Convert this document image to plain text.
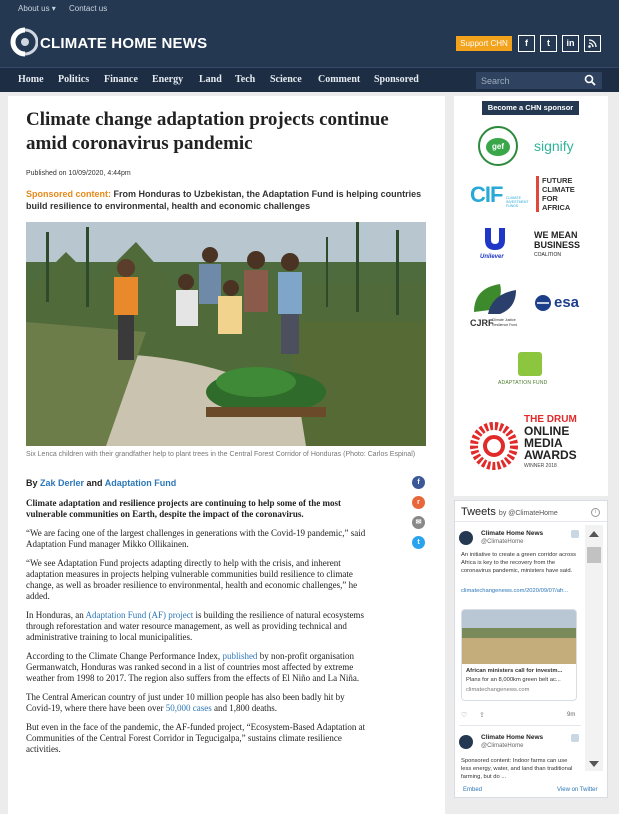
About us ▾ Contact us
CLIMATE HOME NEWS	Support CHN	f	t	in
Home Politics Finance Energy Land Tech Science Comment Sponsored
Search
Climate change adaptation projects continue amid coronavirus pandemic
Published on 10/09/2020, 4:44pm
Sponsored content: From Honduras to Uzbekistan, the Adaptation Fund is helping countries build resilience to environmental, health and economic challenges
Six Lenca children with their grandfather help to plant trees in the Central Forest Corridor of Honduras (Photo: Carlos Espinal)
By Zak Derler and Adaptation Fund	f
r
✉
t

Climate adaptation and resilience projects are continuing to help some of the most vulnerable communities on Earth, despite the impact of the coronavirus.

“We are facing one of the largest challenges in generations with the Covid-19 pandemic,” said Adaptation Fund manager Mikko Ollikainen.

“We see Adaptation Fund projects adapting directly to help with the crisis, and inherent adaptation measures in projects helping vulnerable communities build resilience to climate change, as well as broader resilience to environmental, health and economic challenges,” he added.

In Honduras, an Adaptation Fund (AF) project is building the resilience of natural ecosystems through reforestation and water resource management, as well as providing technical and administrative training to local municipalities.

According to the Climate Change Performance Index, published by non-profit organisation Germanwatch, Honduras was ranked second in a list of countries most affected by extreme weather from 1998 to 2017. The region also suffers from the effects of El Niño and La Niña.

The Central American country of just under 10 million people has also been badly hit by Covid-19, where there have been over 50,000 cases and 1,800 deaths.

But even in the face of the pandemic, the AF-funded project, “Ecosystem-Based Adaptation at Communities of the Central Forest Corridor in Tegucigalpa,” sustains climate resilience activities.

Become a CHN sponsor
gef	signify
CIF CLIMATE INVESTMENT FUNDS
FUTURE CLIMATE FOR AFRICA
Unilever
WE MEAN BUSINESS
COALITION
CJRF
Climate Justice Resilience Fund
esa
ADAPTATION FUND
THE DRUM
ONLINE
MEDIA
AWARDS
WINNER 2018
Tweets by @ClimateHome	i
Climate Home News
@ClimateHome
An initiative to create a green corridor across Africa is key to the recovery from the coronavirus pandemic, ministers have said.
climatechangenews.com/2020/09/07/afr...
African ministers call for investm...
Plans for an 8,000km green belt ac...
climatechangenews.com
♡ ⇪	9m
Climate Home News
@ClimateHome
Sponsored content: Indoor farms can use less energy, water, and land than traditional farming, but do ...
Embed	View on Twitter
